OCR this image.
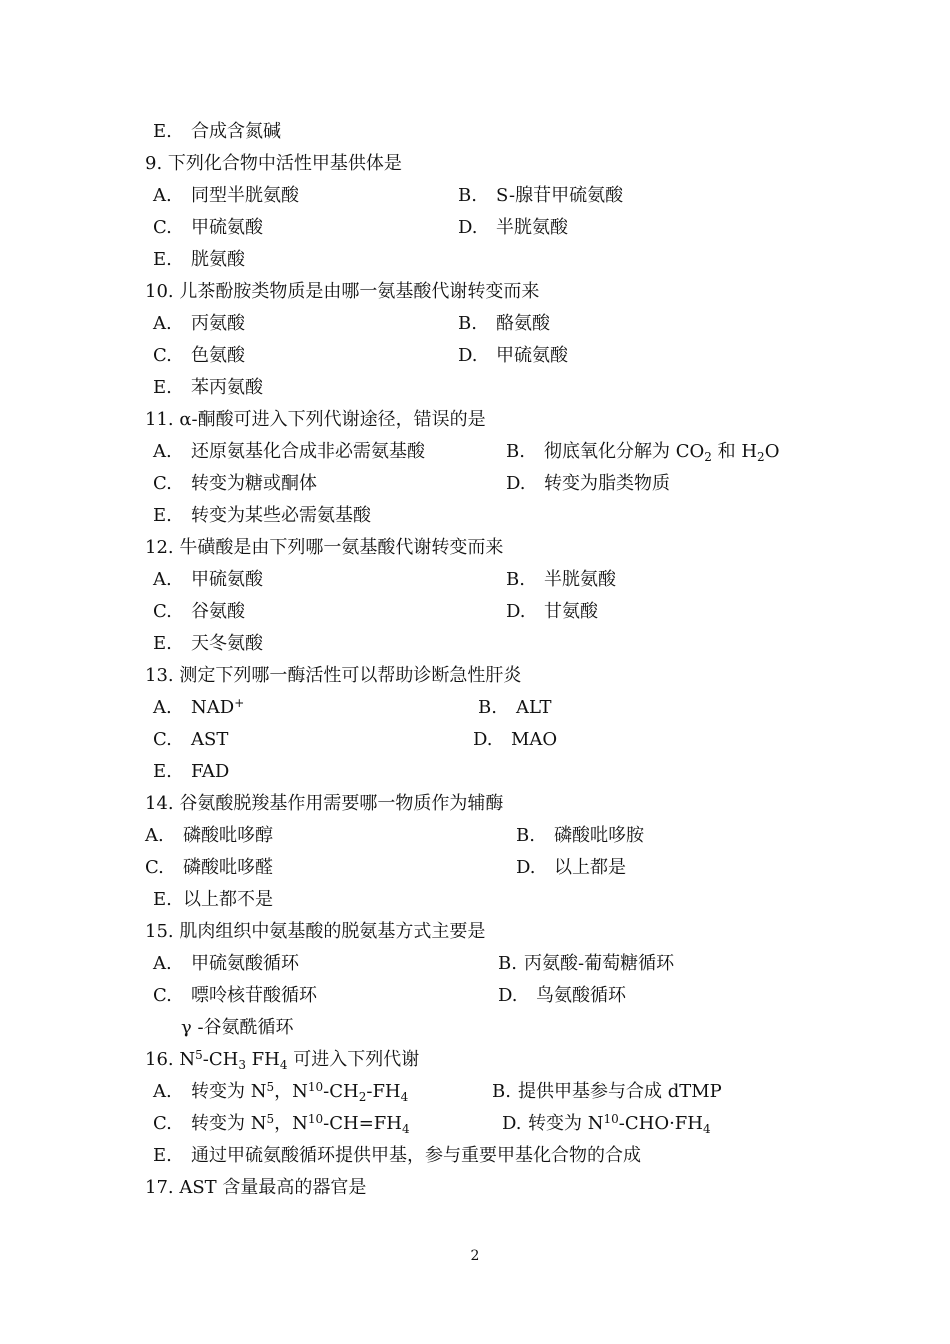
E. 合成含氮碱
9. 下列化合物中活性甲基供体是
A. 同型半胱氨酸	B. S-腺苷甲硫氨酸
C. 甲硫氨酸	D. 半胱氨酸
E. 胱氨酸
10. 儿茶酚胺类物质是由哪一氨基酸代谢转变而来
A. 丙氨酸	B. 酪氨酸
C. 色氨酸	D. 甲硫氨酸
E. 苯丙氨酸
11. α-酮酸可进入下列代谢途径，错误的是
A. 还原氨基化合成非必需氨基酸	B. 彻底氧化分解为 $CO_2$ 和 $H_2O$
C. 转变为糖或酮体	D. 转变为脂类物质
E. 转变为某些必需氨基酸
12. 牛磺酸是由下列哪一氨基酸代谢转变而来
A. 甲硫氨酸	B. 半胱氨酸
C. 谷氨酸	D. 甘氨酸
E. 天冬氨酸
13. 测定下列哪一酶活性可以帮助诊断急性肝炎
A. NAD+	B. ALT
C. AST	D. MAO
E. FAD
14. 谷氨酸脱羧基作用需要哪一物质作为辅酶
A. 磷酸吡哆醇	B. 磷酸吡哆胺
C. 磷酸吡哆醛	D. 以上都是
E. 以上都不是
15. 肌肉组织中氨基酸的脱氨基方式主要是
A. 甲硫氨酸循环	B. 丙氨酸-葡萄糖循环
C. 嘌呤核苷酸循环	D. 鸟氨酸循环
γ -谷氨酰循环
16. $N^5-CH_3$ $FH_4$ 可进入下列代谢
A. 转变为 $N^5$，$N^{10}-CH_2-FH_4$	B. 提供甲基参与合成 dTMP
C. 转变为 $N^5$，$N^{10}-CH=FH_4$	D. 转变为 $N^{10}-CHO\cdot FH_4$
E. 通过甲硫氨酸循环提供甲基，参与重要甲基化合物的合成
17. AST 含量最高的器官是
2
